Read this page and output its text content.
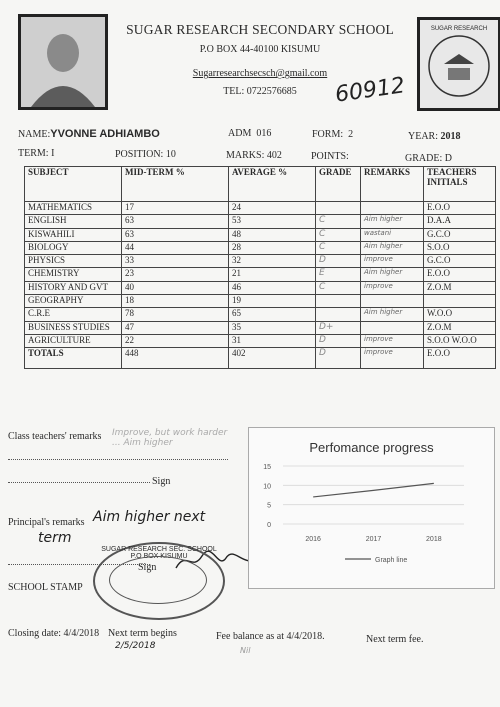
SUGAR RESEARCH
SUGAR RESEARCH SECONDARY SCHOOL
P.O BOX 44-40100 KISUMU
Sugarresearchsecsch@gmail.com
TEL: 0722576685	60912
NAME:YVONNE ADHIAMBO	ADM 016	FORM: 2	YEAR: 2018
TERM: I	POSITION: 10	MARKS: 402	POINTS:	GRADE: D
SUBJECT	MID-TERM %	AVERAGE %	GRADE	REMARKS	TEACHERS INITIALS
MATHEMATICS	17	24			E.O.O
ENGLISH	63	53	C	Aim higher	D.A.A
KISWAHILI	63	48	C	wastani	G.C.O
BIOLOGY	44	28	C	Aim higher	S.O.O
PHYSICS	33	32	D	improve	G.C.O
CHEMISTRY	23	21	E	Aim higher	E.O.O
HISTORY AND GVT	40	46	C	improve	Z.O.M
GEOGRAPHY	18	19			
C.R.E	78	65		Aim higher	W.O.O
BUSINESS STUDIES	47	35	D+		Z.O.M
AGRICULTURE	22	31	D	improve	S.O.O W.O.O
TOTALS	448	402	D	improve	E.O.O
Class teachers' remarks Improve, but work harder ... Aim higher
Sign
Principal's remarks Aim higher next
term
Sign
SCHOOL STAMP
SUGAR RESEARCH SEC. SCHOOL P.O BOX KISUMU
Perfomance progress
0
5
10
15
2016	2017	2018
Graph line
Closing date: 4/4/2018 Next term begins
2/5/2018
Fee balance as at 4/4/2018.
Nil
Next term fee.
